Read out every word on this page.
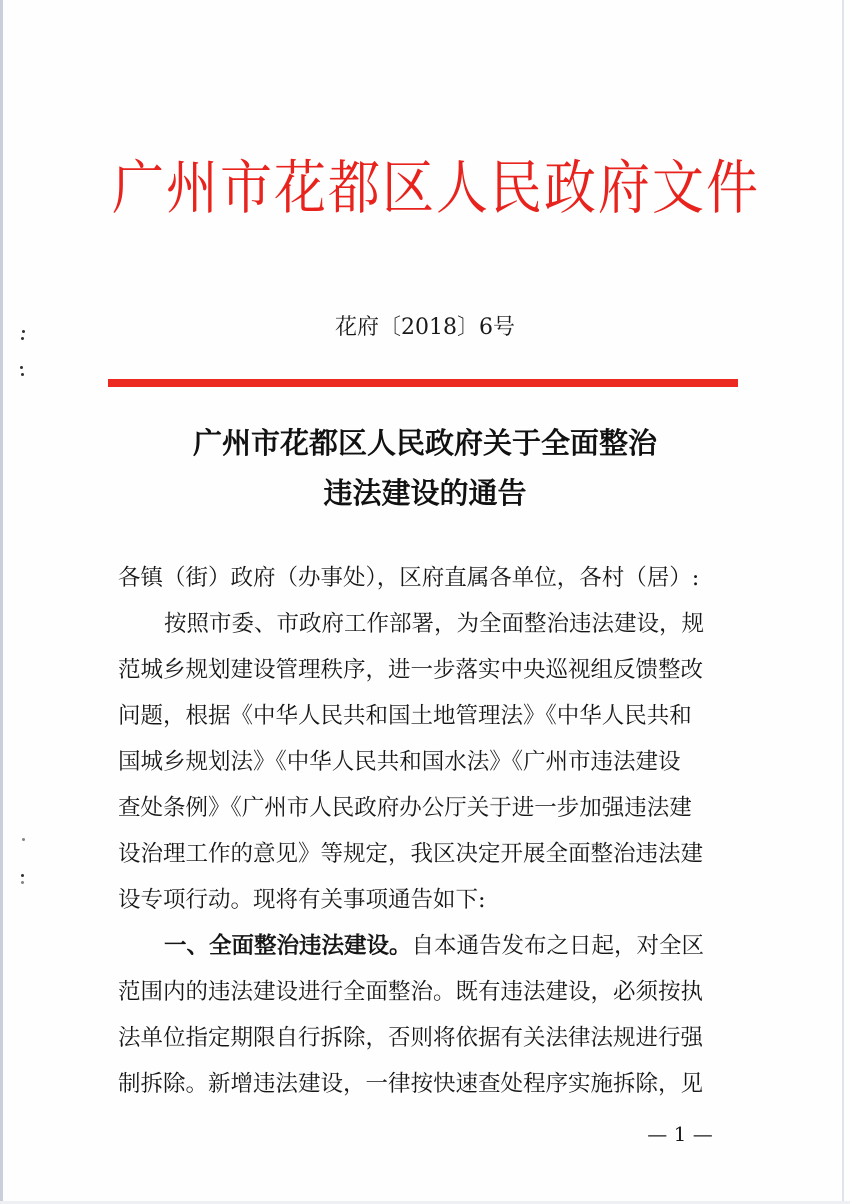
广州市花都区人民政府文件
花府〔2018〕6号
广州市花都区人民政府关于全面整治
违法建设的通告
各镇（街）政府（办事处），区府直属各单位，各村（居）:
按照市委、市政府工作部署，为全面整治违法建设，规
范城乡规划建设管理秩序，进一步落实中央巡视组反馈整改
问题，根据《中华人民共和国土地管理法》《中华人民共和
国城乡规划法》《中华人民共和国水法》《广州市违法建设
查处条例》《广州市人民政府办公厅关于进一步加强违法建
设治理工作的意见》等规定，我区决定开展全面整治违法建
设专项行动。现将有关事项通告如下:
一、全面整治违法建设。自本通告发布之日起，对全区
范围内的违法建设进行全面整治。既有违法建设，必须按执
法单位指定期限自行拆除，否则将依据有关法律法规进行强
制拆除。新增违法建设，一律按快速查处程序实施拆除，见
— 1 —
